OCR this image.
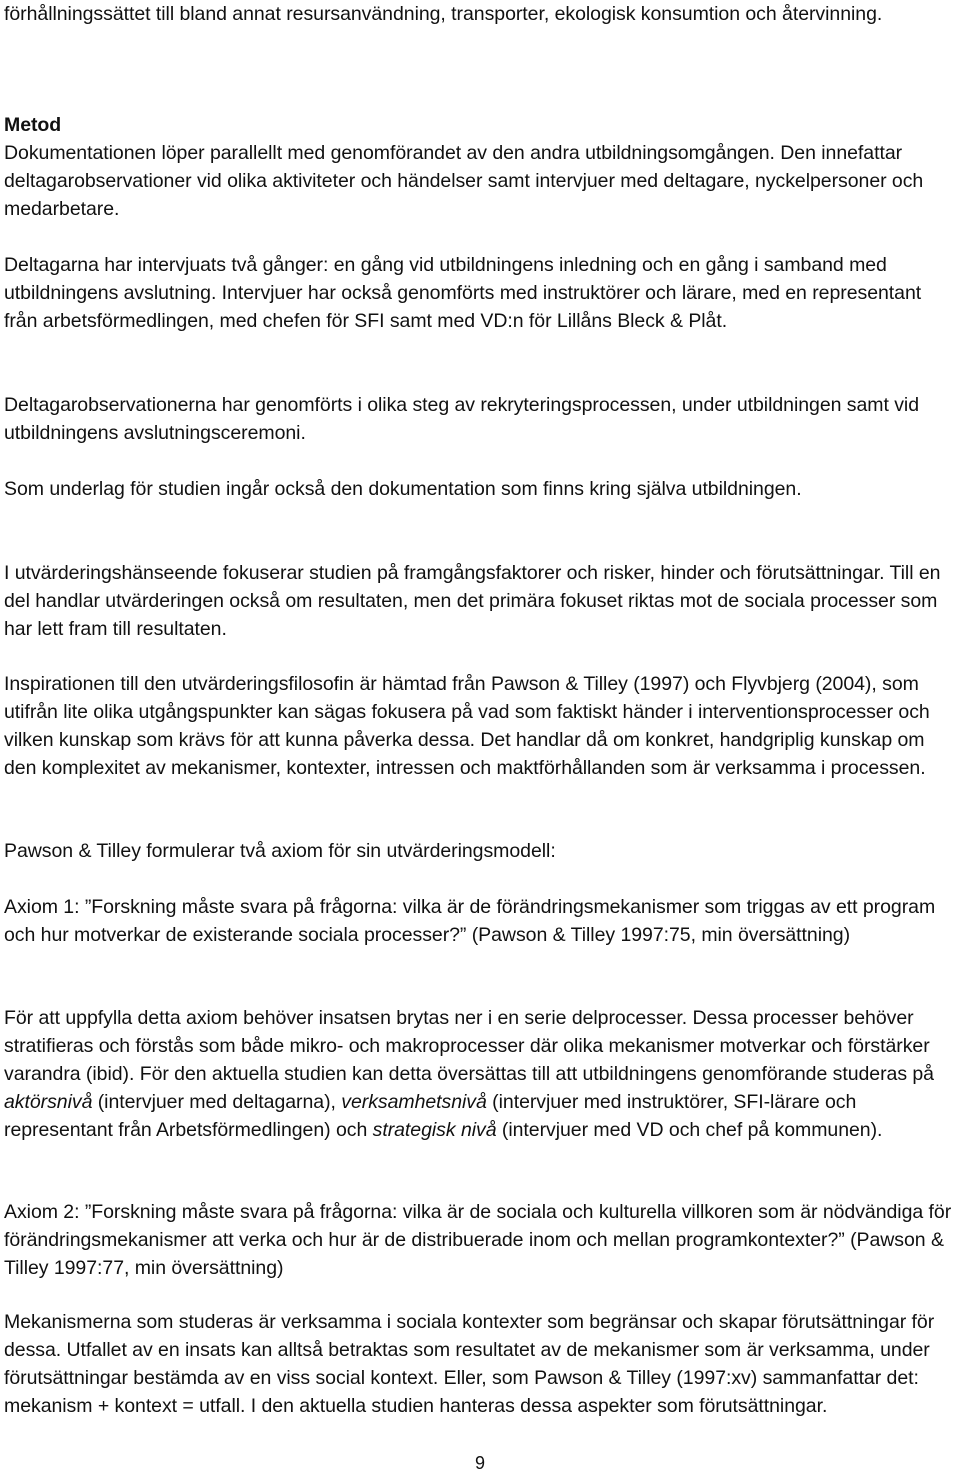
förhållningssättet till bland annat resursanvändning, transporter, ekologisk konsumtion och återvinning.

Metod

Dokumentationen löper parallellt med genomförandet av den andra utbildningsomgången. Den innefattar deltagarobservationer vid olika aktiviteter och händelser samt intervjuer med deltagare, nyckelpersoner och medarbetare.

Deltagarna har intervjuats två gånger: en gång vid utbildningens inledning och en gång i samband med utbildningens avslutning. Intervjuer har också genomförts med instruktörer och lärare, med en representant från arbetsförmedlingen, med chefen för SFI samt med VD:n för Lillåns Bleck & Plåt.

Deltagarobservationerna har genomförts i olika steg av rekryteringsprocessen, under utbildningen samt vid utbildningens avslutningsceremoni.

Som underlag för studien ingår också den dokumentation som finns kring själva utbildningen.

I utvärderingshänseende fokuserar studien på framgångsfaktorer och risker, hinder och förutsättningar. Till en del handlar utvärderingen också om resultaten, men det primära fokuset riktas mot de sociala processer som har lett fram till resultaten.

Inspirationen till den utvärderingsfilosofin är hämtad från Pawson & Tilley (1997) och Flyvbjerg (2004), som utifrån lite olika utgångspunkter kan sägas fokusera på vad som faktiskt händer i interventionsprocesser och vilken kunskap som krävs för att kunna påverka dessa. Det handlar då om konkret, handgriplig kunskap om den komplexitet av mekanismer, kontexter, intressen och maktförhållanden som är verksamma i processen.

Pawson & Tilley formulerar två axiom för sin utvärderingsmodell:

Axiom 1: ”Forskning måste svara på frågorna: vilka är de förändringsmekanismer som triggas av ett program och hur motverkar de existerande sociala processer?” (Pawson & Tilley 1997:75, min översättning)

För att uppfylla detta axiom behöver insatsen brytas ner i en serie delprocesser. Dessa processer behöver stratifieras och förstås som både mikro- och makroprocesser där olika mekanismer motverkar och förstärker varandra (ibid). För den aktuella studien kan detta översättas till att utbildningens genomförande studeras på aktörsnivå (intervjuer med deltagarna), verksamhetsnivå (intervjuer med instruktörer, SFI-lärare och representant från Arbetsförmedlingen) och strategisk nivå (intervjuer med VD och chef på kommunen).

Axiom 2: ”Forskning måste svara på frågorna: vilka är de sociala och kulturella villkoren som är nödvändiga för förändringsmekanismer att verka och hur är de distribuerade inom och mellan programkontexter?” (Pawson & Tilley 1997:77, min översättning)

Mekanismerna som studeras är verksamma i sociala kontexter som begränsar och skapar förutsättningar för dessa. Utfallet av en insats kan alltså betraktas som resultatet av de mekanismer som är verksamma, under förutsättningar bestämda av en viss social kontext. Eller, som Pawson & Tilley (1997:xv) sammanfattar det: mekanism + kontext = utfall. I den aktuella studien hanteras dessa aspekter som förutsättningar.

9
